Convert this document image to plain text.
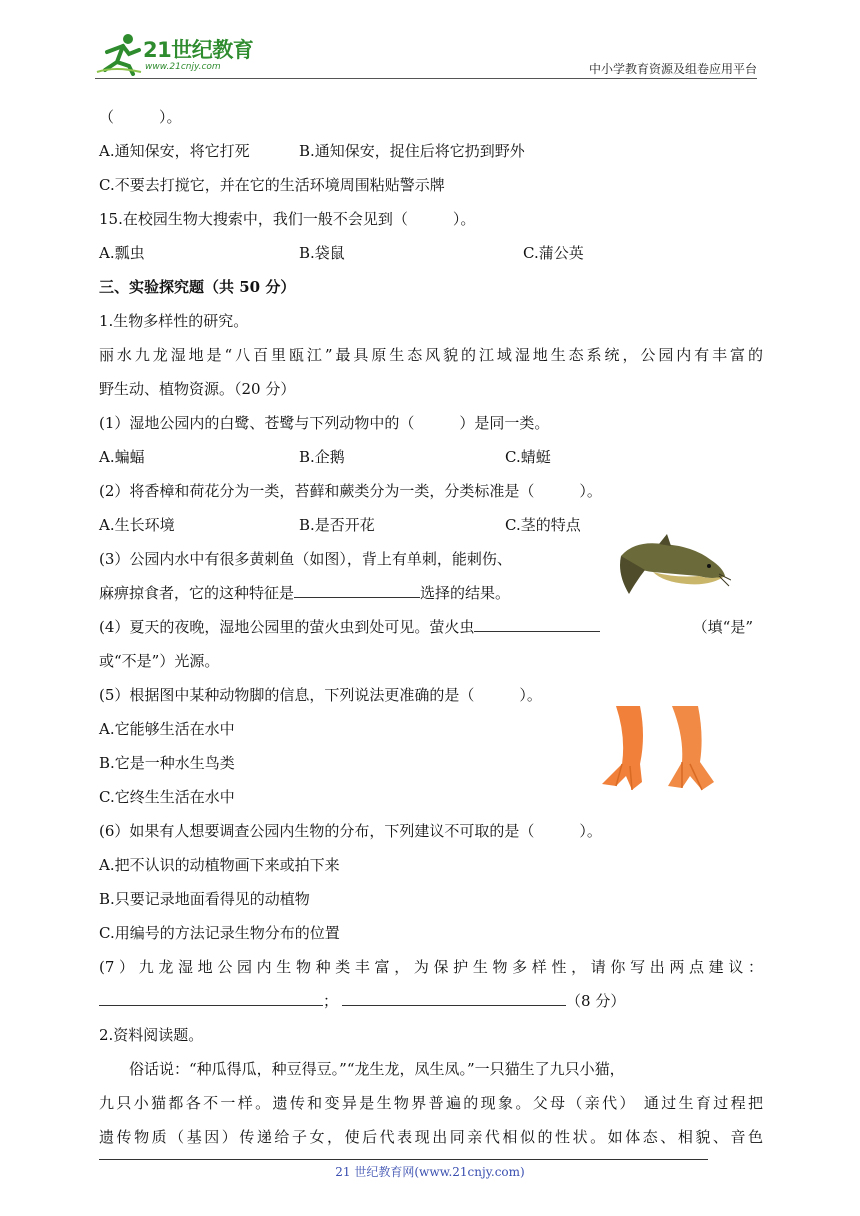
21世纪教育
www.21cnjy.com	中小学教育资源及组卷应用平台
（　　　）。
A.通知保安，将它打死	B.通知保安，捉住后将它扔到野外
C.不要去打搅它，并在它的生活环境周围粘贴警示牌
15.在校园生物大搜索中，我们一般不会见到（　　　）。
A.瓢虫	B.袋鼠	C.蒲公英
三、实验探究题（共 50 分）
1.生物多样性的研究。
丽水九龙湿地是“八百里瓯江”最具原生态风貌的江域湿地生态系统，公园内有丰富的
野生动、植物资源。（20 分）
(1）湿地公园内的白鹭、苍鹭与下列动物中的（　　　）是同一类。
A.蝙蝠	B.企鹅	C.蜻蜓
(2）将香樟和荷花分为一类，苔藓和蕨类分为一类，分类标准是（　　　）。
A.生长环境	B.是否开花	C.茎的特点
(3）公园内水中有很多黄刺鱼（如图），背上有单刺，能刺伤、
麻痹掠食者，它的这种特征是	选择的结果。
(4）夏天的夜晚，湿地公园里的萤火虫到处可见。萤火虫	（填“是”
或“不是”）光源。
(5）根据图中某种动物脚的信息，下列说法更准确的是（　　　）。
A.它能够生活在水中
B.它是一种水生鸟类
C.它终生生活在水中
(6）如果有人想要调查公园内生物的分布，下列建议不可取的是（　　　）。
A.把不认识的动植物画下来或拍下来
B.只要记录地面看得见的动植物
C.用编号的方法记录生物分布的位置
(7）九龙湿地公园内生物种类丰富，为保护生物多样性，请你写出两点建议：
；	（8 分）
2.资料阅读题。
俗话说：“种瓜得瓜，种豆得豆。”“龙生龙，凤生凤。”一只猫生了九只小猫，
九只小猫都各不一样。遗传和变异是生物界普遍的现象。父母（亲代） 通过生育过程把
遗传物质（基因）传递给子女，使后代表现出同亲代相似的性状。如体态、相貌、音色
21 世纪教育网(www.21cnjy.com)
